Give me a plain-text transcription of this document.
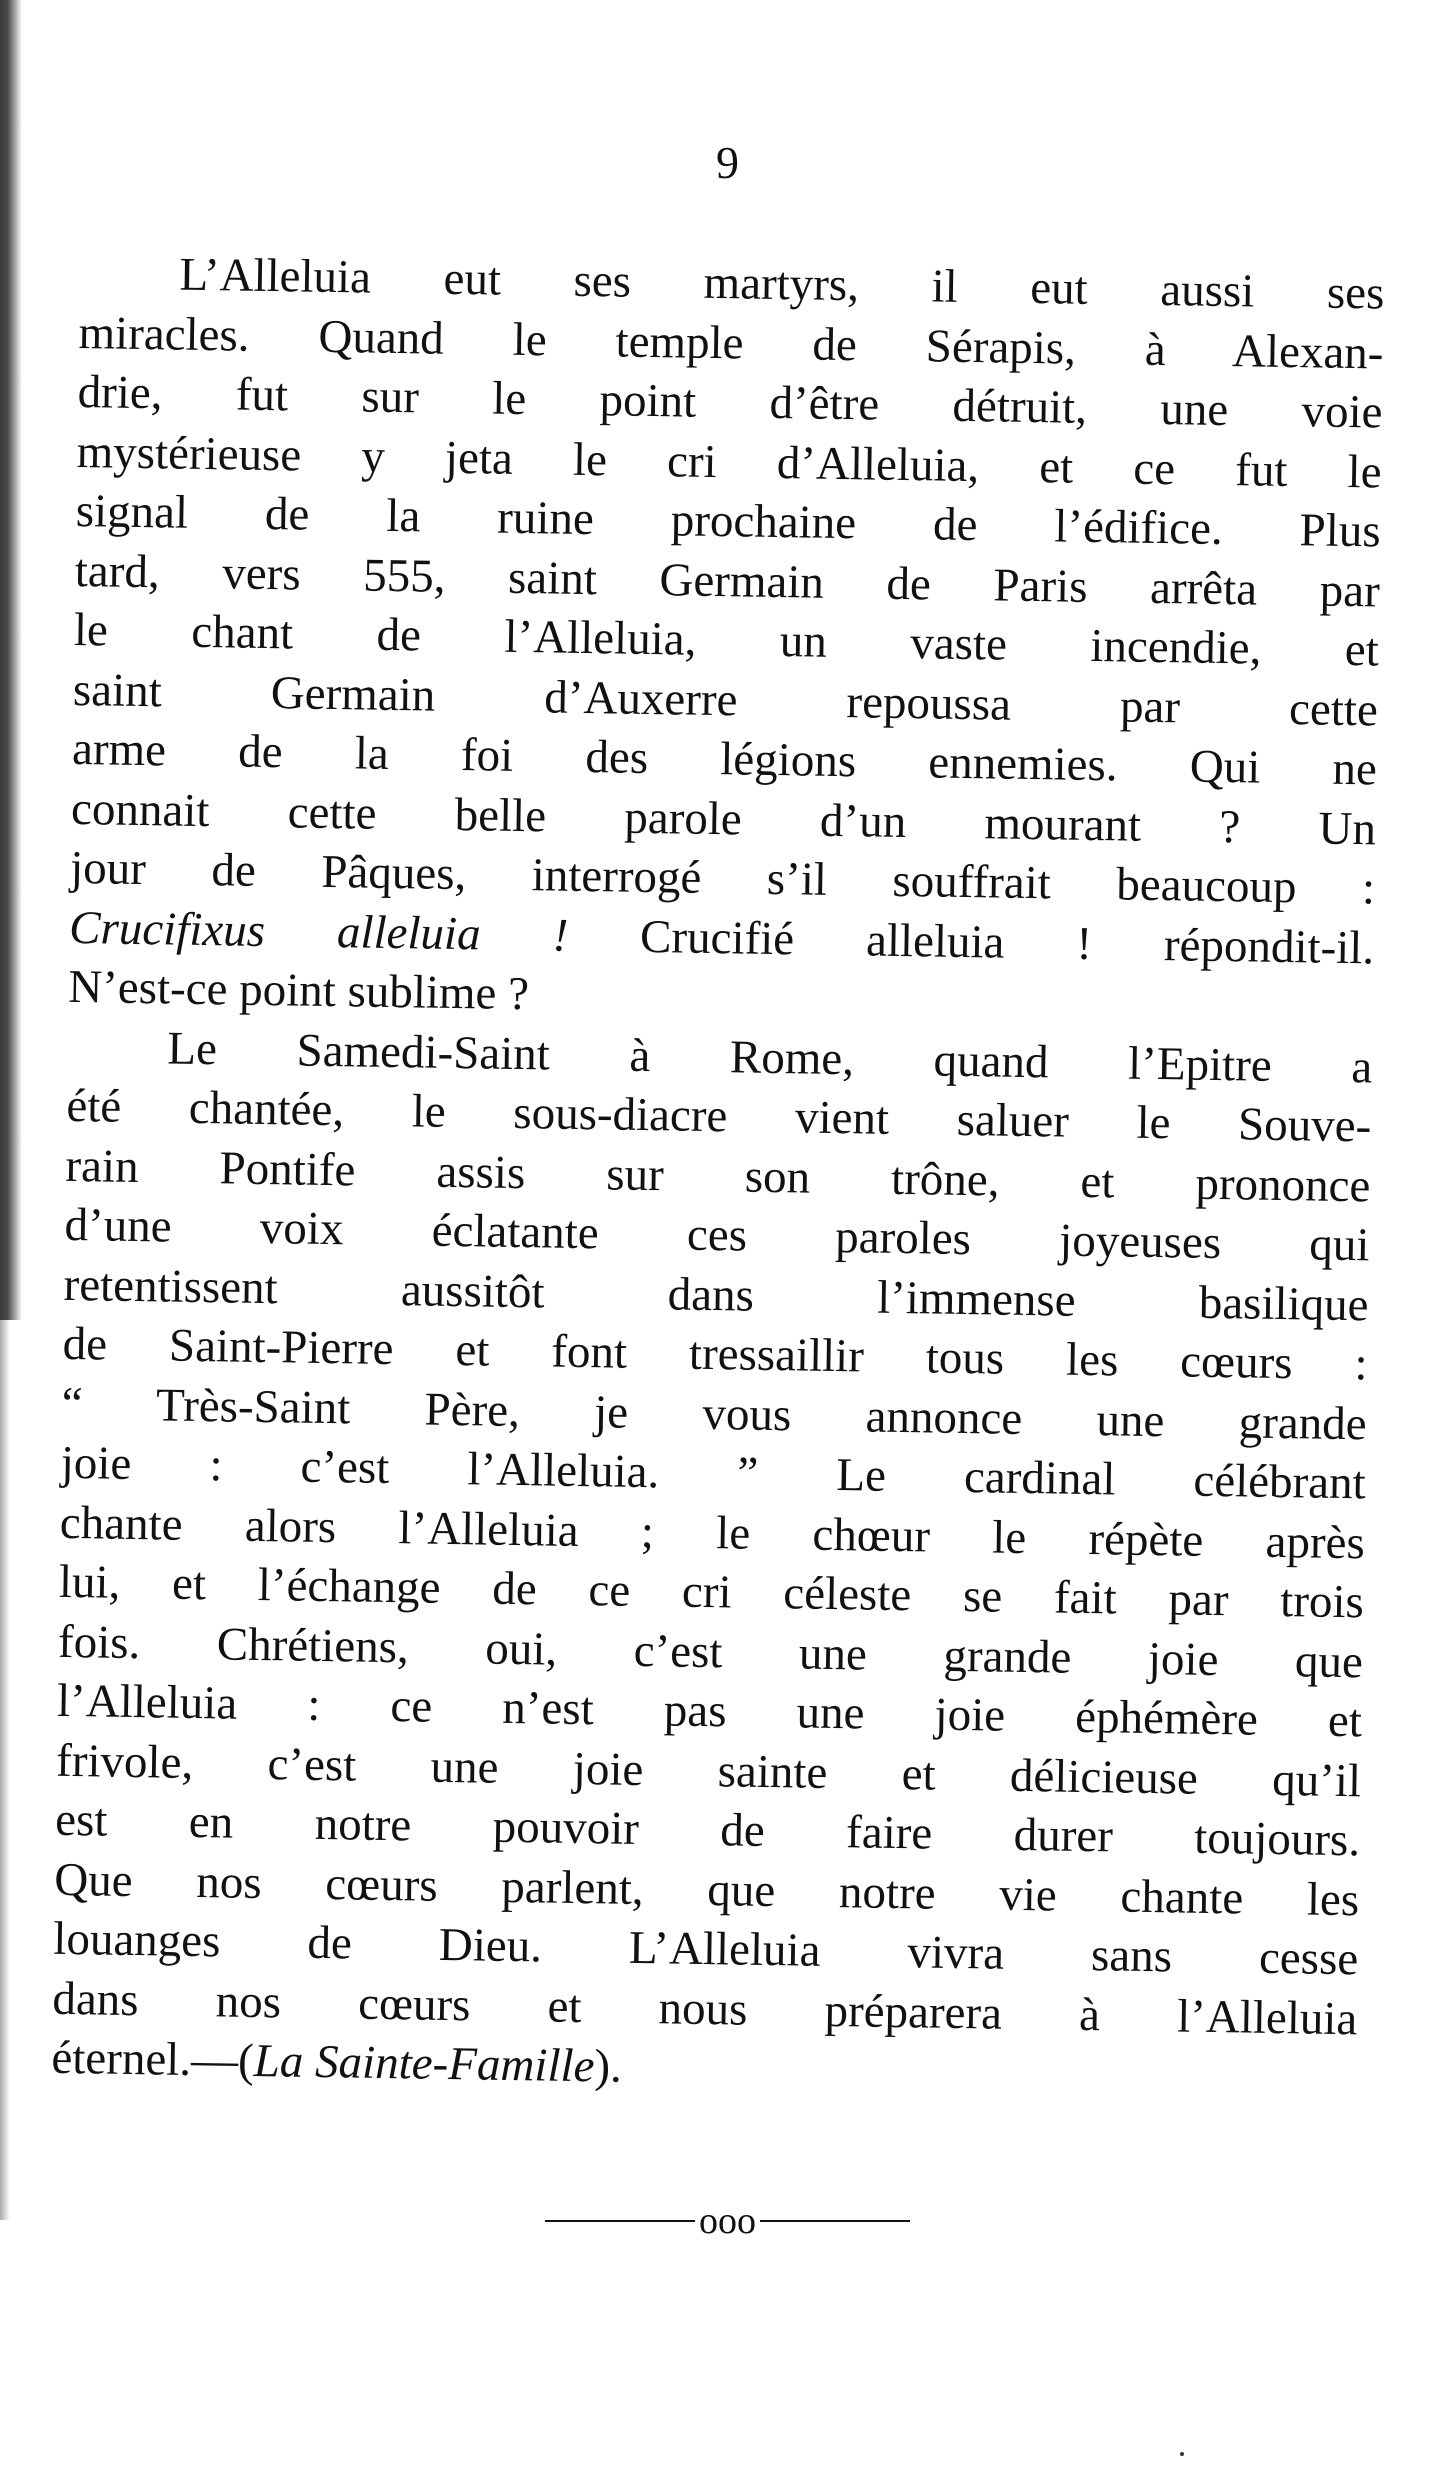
9

L’Alleluia eut ses martyrs, il eut aussi ses
miracles. Quand le temple de Sérapis, à Alexan-
drie, fut sur le point d’être détruit, une voie
mystérieuse y jeta le cri d’Alleluia, et ce fut le
signal de la ruine prochaine de l’édifice. Plus
tard, vers 555, saint Germain de Paris arrêta par
le chant de l’Alleluia, un vaste incendie, et
saint Germain d’Auxerre repoussa par cette
arme de la foi des légions ennemies. Qui ne
connait cette belle parole d’un mourant ? Un
jour de Pâques, interrogé s’il souffrait beaucoup :
Crucifixus alleluia ! Crucifié alleluia ! répondit-il.
N’est-ce point sublime ?

Le Samedi-Saint à Rome, quand l’Epitre a
été chantée, le sous-diacre vient saluer le Souve-
rain Pontife assis sur son trône, et prononce
d’une voix éclatante ces paroles joyeuses qui
retentissent aussitôt dans l’immense basilique
de Saint-Pierre et font tressaillir tous les cœurs :
“ Très-Saint Père, je vous annonce une grande
joie : c’est l’Alleluia. ” Le cardinal célébrant
chante alors l’Alleluia ; le chœur le répète après
lui, et l’échange de ce cri céleste se fait par trois
fois. Chrétiens, oui, c’est une grande joie que
l’Alleluia : ce n’est pas une joie éphémère et
frivole, c’est une joie sainte et délicieuse qu’il
est en notre pouvoir de faire durer toujours.
Que nos cœurs parlent, que notre vie chante les
louanges de Dieu. L’Alleluia vivra sans cesse
dans nos cœurs et nous préparera à l’Alleluia
éternel.—(La Sainte-Famille).

ooo
